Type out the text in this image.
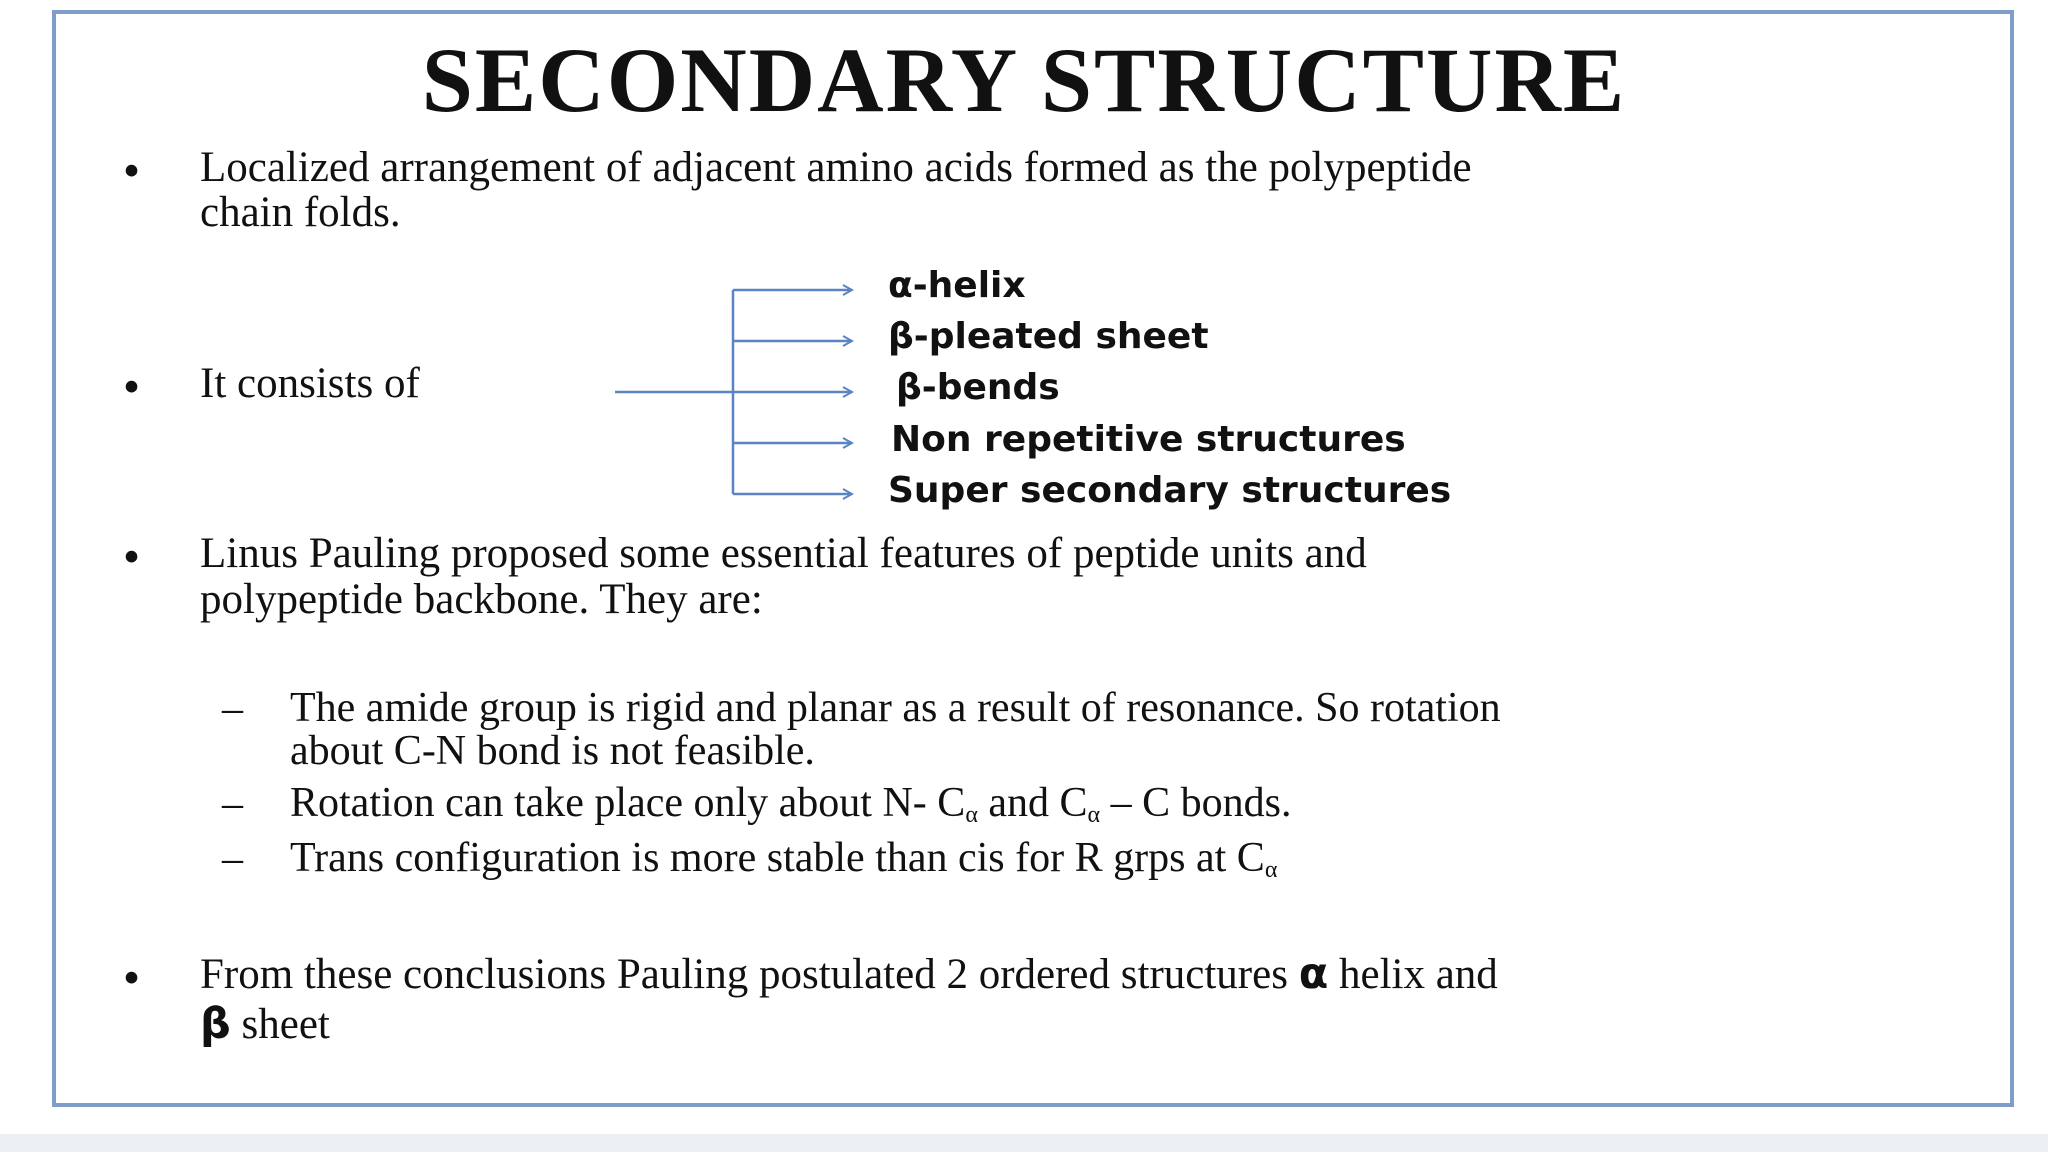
SECONDARY STRUCTURE
• Localized arrangement of adjacent amino acids formed as the polypeptide
chain folds.
• It consists of
α-helix
β-pleated sheet
β-bends
Non repetitive structures
Super secondary structures
• Linus Pauling proposed some essential features of peptide units and
polypeptide backbone. They are:
– The amide group is rigid and planar as a result of resonance. So rotation
about C-N bond is not feasible.
– Rotation can take place only about N- $C_\alpha$ and $C_\alpha$ – C bonds.
– Trans configuration is more stable than cis for R grps at $C_\alpha$
• From these conclusions Pauling postulated 2 ordered structures α helix and
β sheet
